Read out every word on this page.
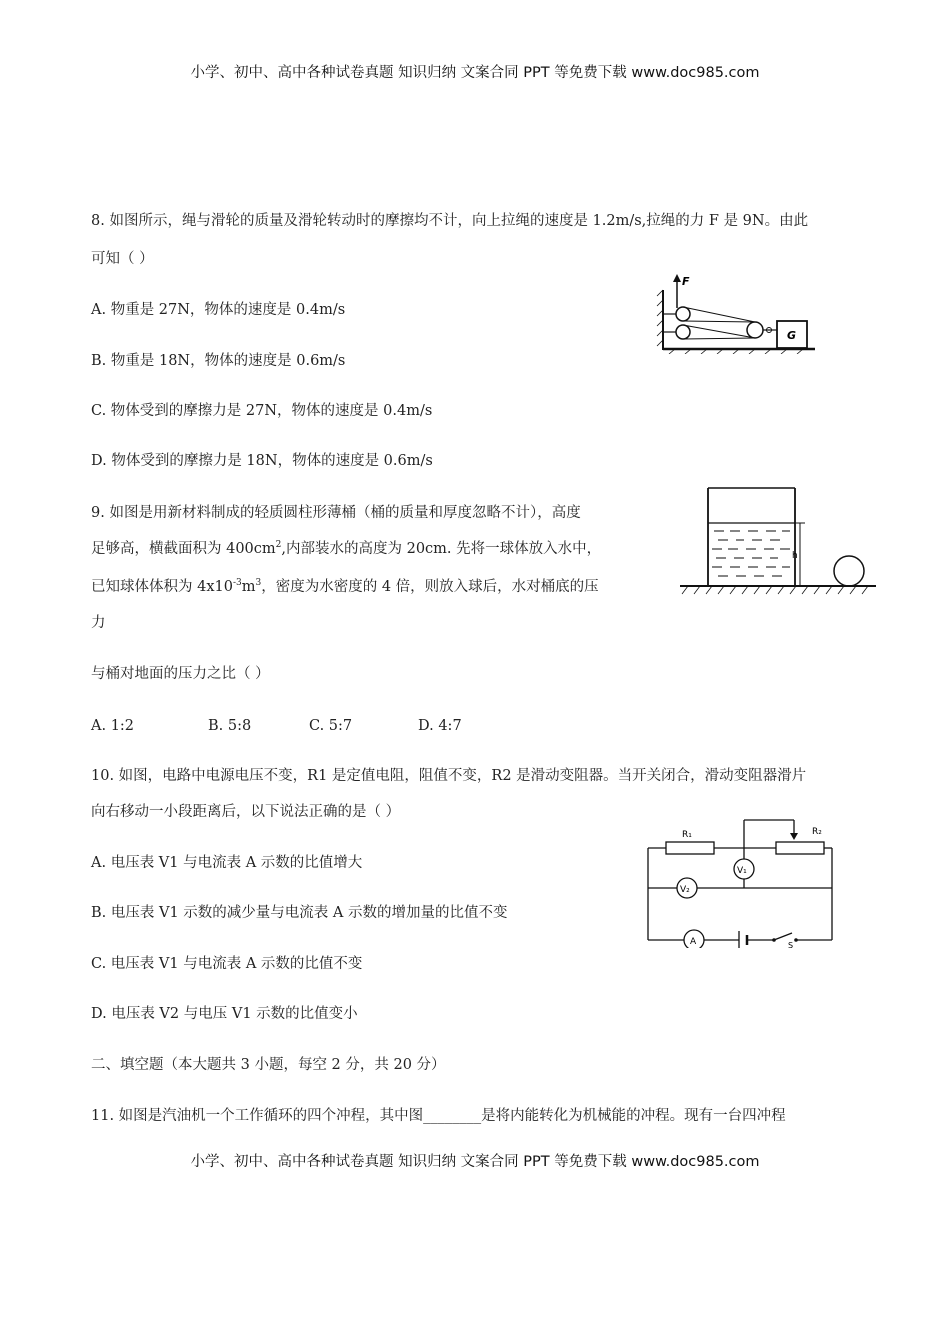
小学、初中、高中各种试卷真题 知识归纳 文案合同 PPT 等免费下载 www.doc985.com
8. 如图所示，绳与滑轮的质量及滑轮转动时的摩擦均不计，向上拉绳的速度是 1.2m/s,拉绳的力 F 是 9N。由此
可知（ ）
A. 物重是 27N，物体的速度是 0.4m/s
B. 物重是 18N，物体的速度是 0.6m/s
C. 物体受到的摩擦力是 27N，物体的速度是 0.4m/s
D. 物体受到的摩擦力是 18N，物体的速度是 0.6m/s
F
G
9. 如图是用新材料制成的轻质圆柱形薄桶（桶的质量和厚度忽略不计），高度
足够高，横截面积为 $400cm^2$,内部装水的高度为 20cm. 先将一球体放入水中，
已知球体体积为 $4x10^{-3}m^3$，密度为水密度的 4 倍，则放入球后，水对桶底的压
力
与桶对地面的压力之比（ ）
A. 1:2	B. 5:8	C. 5:7	D. 4:7
h
10. 如图，电路中电源电压不变，R1 是定值电阻，阻值不变，R2 是滑动变阻器。当开关闭合，滑动变阻器滑片
向右移动一小段距离后，以下说法正确的是（ ）
A. 电压表 V1 与电流表 A 示数的比值增大
B. 电压表 V1 示数的减少量与电流表 A 示数的增加量的比值不变
C. 电压表 V1 与电流表 A 示数的比值不变
D. 电压表 V2 与电压 V1 示数的比值变小
R₁	R₂
V₁
V₂
A	S
二、填空题（本大题共 3 小题，每空 2 分，共 20 分）
11. 如图是汽油机一个工作循环的四个冲程，其中图________是将内能转化为机械能的冲程。现有一台四冲程
小学、初中、高中各种试卷真题 知识归纳 文案合同 PPT 等免费下载 www.doc985.com
